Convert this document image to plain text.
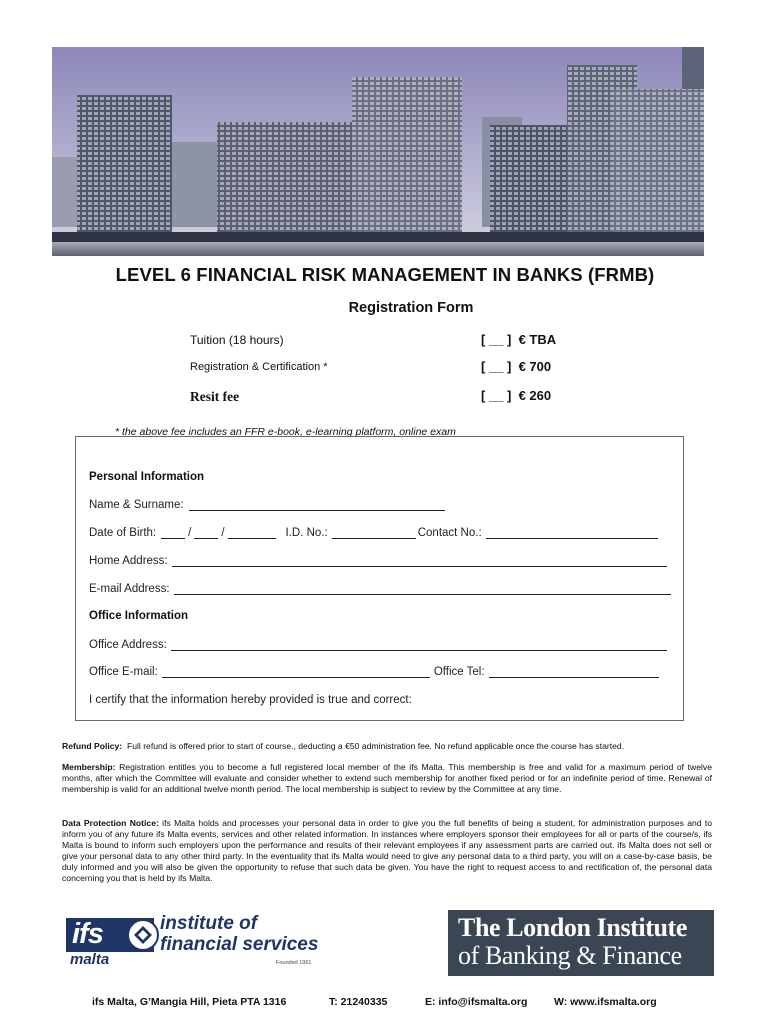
LEVEL 6 FINANCIAL RISK MANAGEMENT IN BANKS (FRMB)
Registration Form
Tuition (18 hours)	[ __ ] € TBA
Registration & Certification *	[ __ ] € 700
Resit fee	[ __ ] € 260
* the above fee includes an FFR e-book, e-learning platform, online exam
Personal Information
Name & Surname:
Date of Birth:	/	/	I.D. No.:	Contact No.:
Home Address:
E-mail Address:
Office Information
Office Address:
Office E-mail:	Office Tel:
I certify that the information hereby provided is true and correct:
Refund Policy: Full refund is offered prior to start of course., deducting a €50 administration fee. No refund applicable once the course has started.
Membership: Registration entitles you to become a full registered local member of the ifs Malta. This membership is free and valid for a maximum period of twelve months, after which the Committee will evaluate and consider whether to extend such membership for another fixed period or for an indefinite period of time. Renewal of membership is valid for an additional twelve month period. The local membership is subject to review by the Committee at any time.
Data Protection Notice: ifs Malta holds and processes your personal data in order to give you the full benefits of being a student, for administration purposes and to inform you of any future ifs Malta events, services and other related information. In instances where employers sponsor their employees for all or parts of the course/s, ifs Malta is bound to inform such employers upon the performance and results of their relevant employees if any assessment parts are carried out. ifs Malta does not sell or give your personal data to any other third party. In the eventuality that ifs Malta would need to give any personal data to a third party, you will on a case-by-case basis, be duly informed and you will also be given the opportunity to refuse that such data be given. You have the right to request access to and rectification of, the personal data concerning you that is held by ifs Malta.
ifs
malta
institute of
financial services
Founded 1961
The London Institute
of Banking & Finance
ifs Malta, G’Mangia Hill, Pieta PTA 1316	T: 21240335	E: info@ifsmalta.org	W: www.ifsmalta.org
